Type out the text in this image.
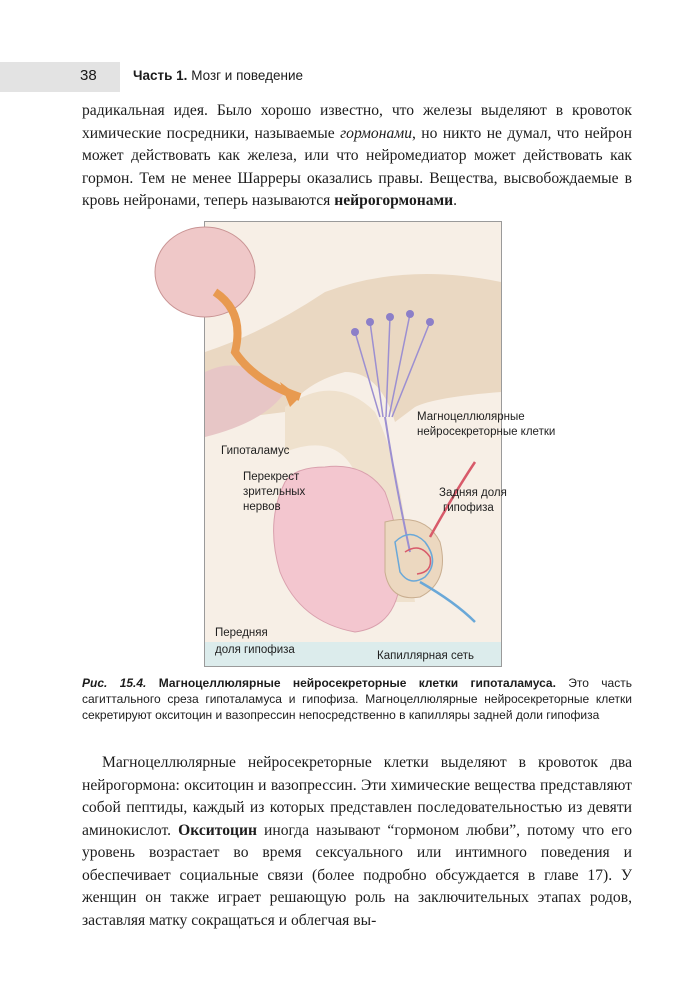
38	Часть 1. Мозг и поведение

радикальная идея. Было хорошо известно, что железы выделяют в кровоток химические посредники, называемые гормонами, но никто не думал, что нейрон может действовать как железа, или что нейромедиатор может действовать как гормон. Тем не менее Шарреры оказались правы. Вещества, высвобождаемые в кровь нейронами, теперь называются нейрогормонами.

Магноцеллюлярные
нейросекреторные клетки
Гипоталамус
Перекрест
зрительных
нервов
Задняя доля
гипофиза
Передняя
доля гипофиза	Капиллярная сеть

Рис. 15.4. Магноцеллюлярные нейросекреторные клетки гипоталамуса. Это часть сагиттального среза гипоталамуса и гипофиза. Магноцеллюлярные нейросекреторные клетки секретируют окситоцин и вазопрессин непосредственно в капилляры задней доли гипофиза

Магноцеллюлярные нейросекреторные клетки выделяют в кровоток два нейрогормона: окситоцин и вазопрессин. Эти химические вещества представляют собой пептиды, каждый из которых представлен последовательностью из девяти аминокислот. Окситоцин иногда называют “гормоном любви”, потому что его уровень возрастает во время сексуального или интимного поведения и обеспечивает социальные связи (более подробно обсуждается в главе 17). У женщин он также играет решающую роль на заключительных этапах родов, заставляя матку сокращаться и облегчая вы-
